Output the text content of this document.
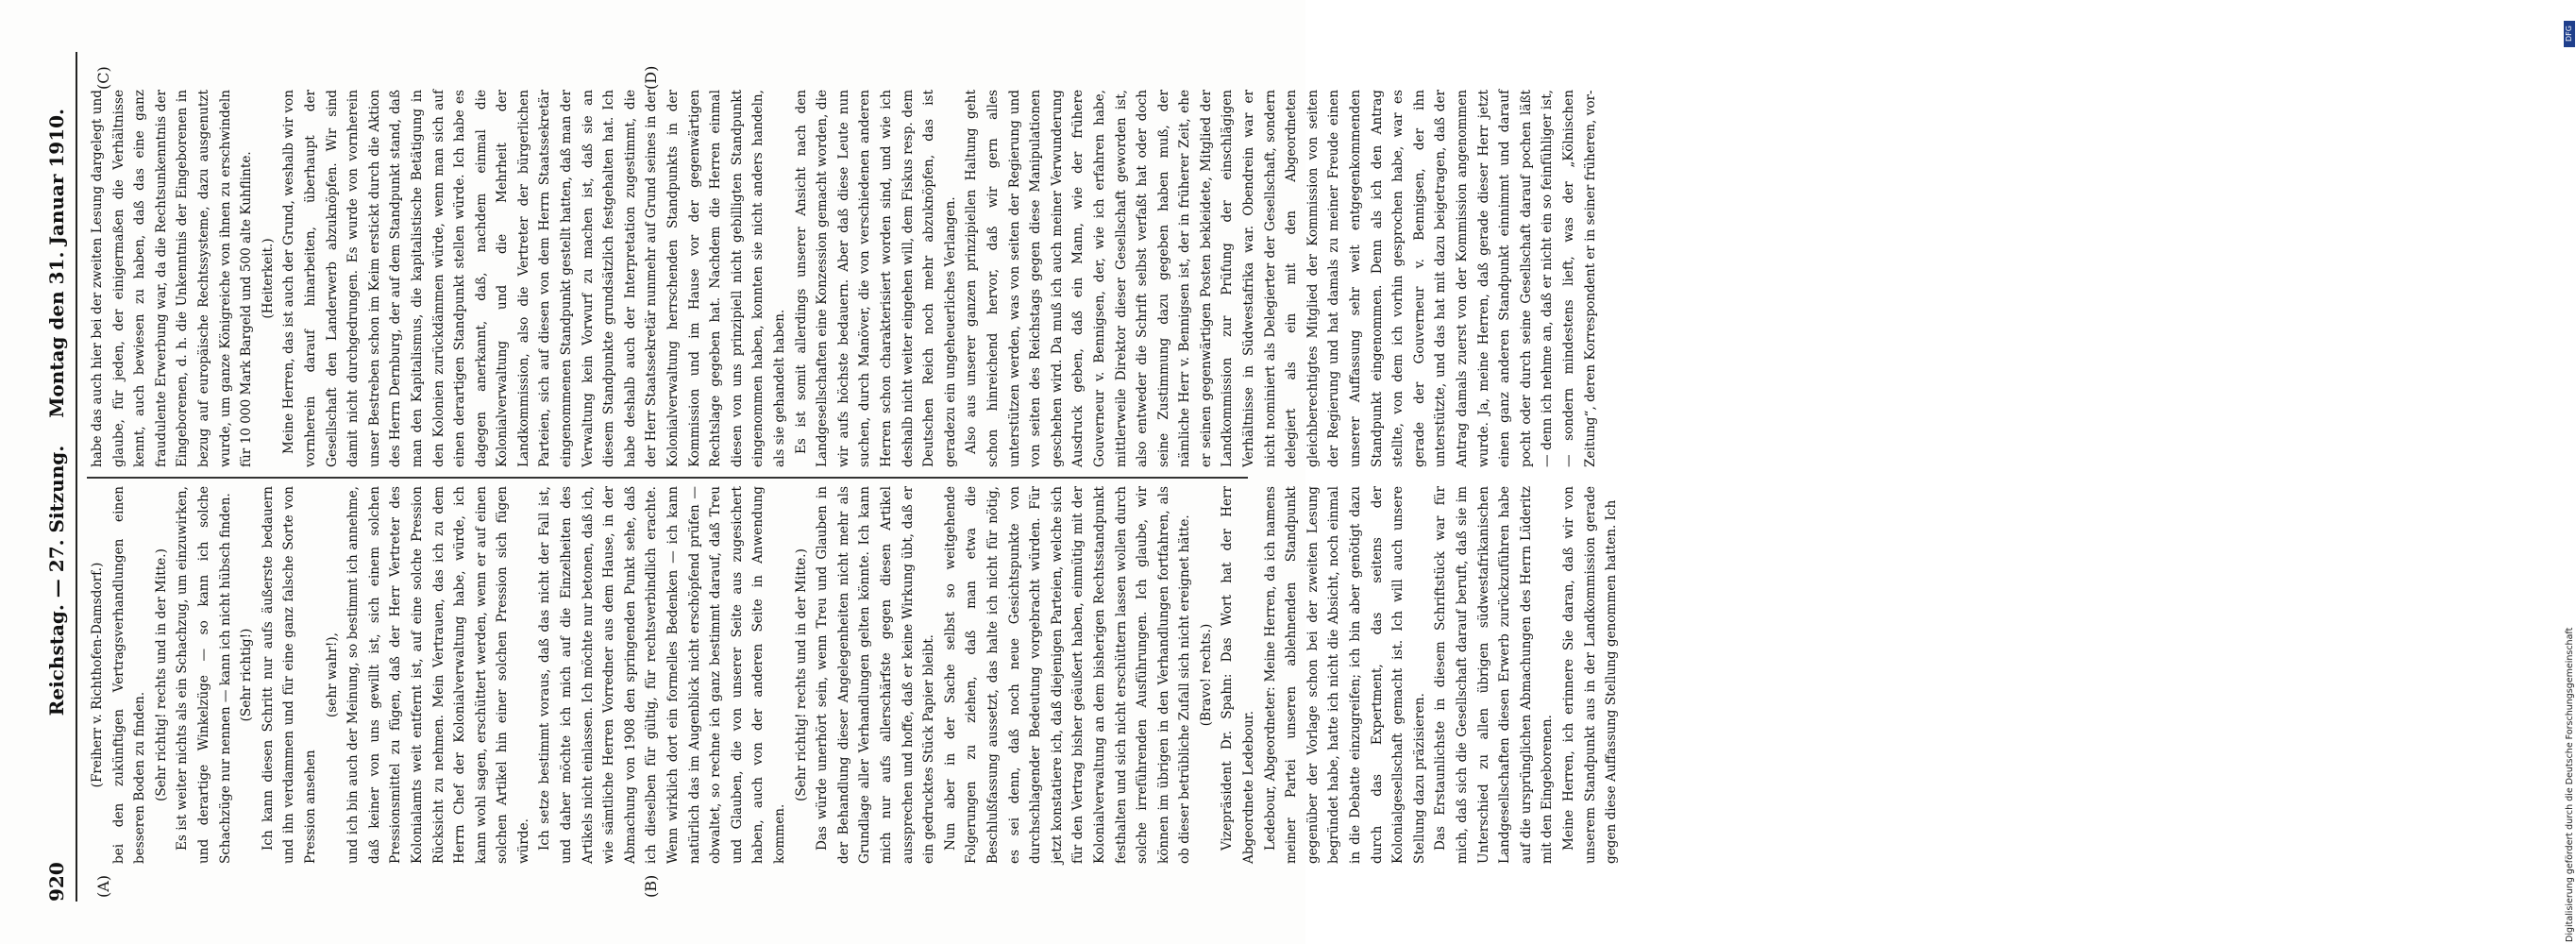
920
Reichstag. — 27. Sitzung.
Montag den 31. Januar 1910.
(A)	(B)
(C)	(D)

(Freiherr v. Richthofen-Damsdorf.) bei den zukünftigen Vertragsverhandlungen einen besseren Boden zu finden. (Sehr richtig! rechts und in der Mitte.) Es ist weiter nichts als ein Schachzug, um einzuwirken, und derartige Winkelzüge — so kann ich solche Schachzüge nur nennen — kann ich nicht hübsch finden. (Sehr richtig!) Ich kann diesen Schritt nur aufs äußerste bedauern und ihn verdammen und für eine ganz falsche Sorte von Pression ansehen

(sehr wahr!), und ich bin auch der Meinung, so bestimmt ich annehme, daß keiner von uns gewillt ist, sich einem solchen Pressionsmittel zu fügen, daß der Herr Vertreter des Kolonialamts weit entfernt ist, auf eine solche Pression Rücksicht zu nehmen. Mein Vertrauen, das ich zu dem Herrn Chef der Kolonialverwaltung habe, würde, ich kann wohl sagen, erschüttert werden, wenn er auf einen solchen Artikel hin einer solchen Pression sich fügen würde. Ich setze bestimmt voraus, daß das nicht der Fall ist, und daher möchte ich mich auf die Einzelheiten des Artikels nicht einlassen. Ich möchte nur betonen, daß ich, wie sämtliche Herren Vorredner aus dem Hause, in der Abmachung von 1908 den springenden Punkt sehe, daß ich dieselben für gültig, für rechtsverbindlich erachte. Wenn wirklich dort ein formelles Bedenken — ich kann natürlich das im Augenblick nicht erschöpfend prüfen — obwaltet, so rechne ich ganz bestimmt darauf, daß Treu und Glauben, die von unserer Seite aus zugesichert haben, auch von der anderen Seite in Anwendung kommen.

(Sehr richtig! rechts und in der Mitte.) Das würde unerhört sein, wenn Treu und Glauben in der Behandlung dieser Angelegenheiten nicht mehr als Grundlage aller Verhandlungen gelten könnte. Ich kann mich nur aufs allerschärfste gegen diesen Artikel aussprechen und hoffe, daß er keine Wirkung übt, daß er ein gedrucktes Stück Papier bleibt. Nun aber in der Sache selbst so weitgehende Folgerungen zu ziehen, daß man etwa die Beschlußfassung aussetzt, das halte ich nicht für nötig, es sei denn, daß noch neue Gesichtspunkte von durchschlagender Bedeutung vorgebracht würden. Für jetzt konstatiere ich, daß diejenigen Parteien, welche sich für den Vertrag bisher geäußert haben, einmütig mit der Kolonialverwaltung an dem bisherigen Rechtsstandpunkt festhalten und sich nicht erschüttern lassen wollen durch solche irreführenden Ausführungen. Ich glaube, wir können im übrigen in den Verhandlungen fortfahren, als ob dieser betrübliche Zufall sich nicht ereignet hätte. (Bravo! rechts.) Vizepräsident Dr. Spahn: Das Wort hat der Herr Abgeordnete Ledebour. Ledebour, Abgeordneter: Meine Herren, da ich namens meiner Partei unseren ablehnenden Standpunkt gegenüber der Vorlage schon bei der zweiten Lesung begründet habe, hatte ich nicht die Absicht, noch einmal in die Debatte einzugreifen; ich bin aber genötigt dazu durch das Expertment, das seitens der Kolonialgesellschaft gemacht ist. Ich will auch unsere Stellung dazu präzisieren. Das Erstaunlichste in diesem Schriftstück war für mich, daß sich die Gesellschaft darauf beruft, daß sie im Unterschied zu allen übrigen südwestafrikanischen Landgesellschaften diesen Erwerb zurückzuführen habe auf die ursprünglichen Abmachungen des Herrn Lüderitz mit den Eingeborenen. Meine Herren, ich erinnere Sie daran, daß wir von unserem Standpunkt aus in der Landkommission gerade gegen diese Auffassung Stellung genommen hatten. Ich

habe das auch hier bei der zweiten Lesung dargelegt und glaube, für jeden, der einigermaßen die Verhältnisse kennt, auch bewiesen zu haben, daß das eine ganz fraudulente Erwerbung war, da die Rechtsunkenntnis der Eingeborenen, d. h. die Unkenntnis der Eingeborenen in bezug auf europäische Rechtssysteme, dazu ausgenutzt wurde, um ganze Königreiche von ihnen zu erschwindeln für 10 000 Mark Bargeld und 500 alte Kuhflinte. (Heiterkeit.) Meine Herren, das ist auch der Grund, weshalb wir von vornherein darauf hinarbeiten, überhaupt der Gesellschaft den Landerwerb abzuknöpfen. Wir sind damit nicht durchgedrungen. Es wurde von vornherein unser Bestreben schon im Keim erstickt durch die Aktion des Herrn Dernburg, der auf dem Standpunkt stand, daß man den Kapitalismus, die kapitalistische Betätigung in den Kolonien zurückdämmen würde, wenn man sich auf einen derartigen Standpunkt stellen würde. Ich habe es dagegen anerkannt, daß, nachdem einmal die Kolonialverwaltung und die Mehrheit der Landkommission, also die Vertreter der bürgerlichen Parteien, sich auf diesen von dem Herrn Staatssekretär eingenommenen Standpunkt gestellt hatten, daß man der Verwaltung kein Vorwurf zu machen ist, daß sie an diesem Standpunkte grundsätzlich festgehalten hat. Ich habe deshalb auch der Interpretation zugestimmt, die der Herr Staatssekretär nunmehr auf Grund seines in der Kolonialverwaltung herrschenden Standpunkts in der Kommission und im Hause vor der gegenwärtigen Rechtslage gegeben hat. Nachdem die Herren einmal diesen von uns prinzipiell nicht gebilligten Standpunkt eingenommen haben, konnten sie nicht anders handeln, als sie gehandelt haben. Es ist somit allerdings unserer Ansicht nach den Landgesellschaften eine Konzession gemacht worden, die wir aufs höchste bedauern. Aber daß diese Leute nun suchen, durch Manöver, die von verschiedenen anderen Herren schon charakterisiert worden sind, und wie ich deshalb nicht weiter eingehen will, dem Fiskus resp. dem Deutschen Reich noch mehr abzuknöpfen, das ist geradezu ein ungeheuerliches Verlangen. Also aus unserer ganzen prinzipiellen Haltung geht schon hinreichend hervor, daß wir gern alles unterstützen werden, was von seiten der Regierung und von seiten des Reichstags gegen diese Manipulationen geschehen wird. Da muß ich auch meiner Verwunderung Ausdruck geben, daß ein Mann, wie der frühere Gouverneur v. Bennigsen, der, wie ich erfahren habe, mittlerweile Direktor dieser Gesellschaft geworden ist, also entweder die Schrift selbst verfaßt hat oder doch seine Zustimmung dazu gegeben haben muß, der nämliche Herr v. Bennigsen ist, der in früherer Zeit, ehe er seinen gegenwärtigen Posten bekleidete, Mitglied der Landkommission zur Prüfung der einschlägigen Verhältnisse in Südwestafrika war. Obendrein war er nicht nominiert als Delegierter der Gesellschaft, sondern delegiert als ein mit den Abgeordneten gleichberechtigtes Mitglied der Kommission von seiten der Regierung und hat damals zu meiner Freude einen unserer Auffassung sehr weit entgegenkommenden Standpunkt eingenommen. Denn als ich den Antrag stellte, von dem ich vorhin gesprochen habe, war es gerade der Gouverneur v. Bennigsen, der ihn unterstützte, und das hat mit dazu beigetragen, daß der Antrag damals zuerst von der Kommission angenommen wurde. Ja, meine Herren, daß gerade dieser Herr jetzt einen ganz anderen Standpunkt einnimmt und darauf pocht oder durch seine Gesellschaft darauf pochen läßt — denn ich nehme an, daß er nicht ein so feinfühliger ist, — sondern mindestens lieft, was der „Kölnischen Zeitung“, deren Korrespondent er in seiner früheren, vor-

DFG
Digitalisierung gefördert durch die Deutsche Forschungsgemeinschaft
